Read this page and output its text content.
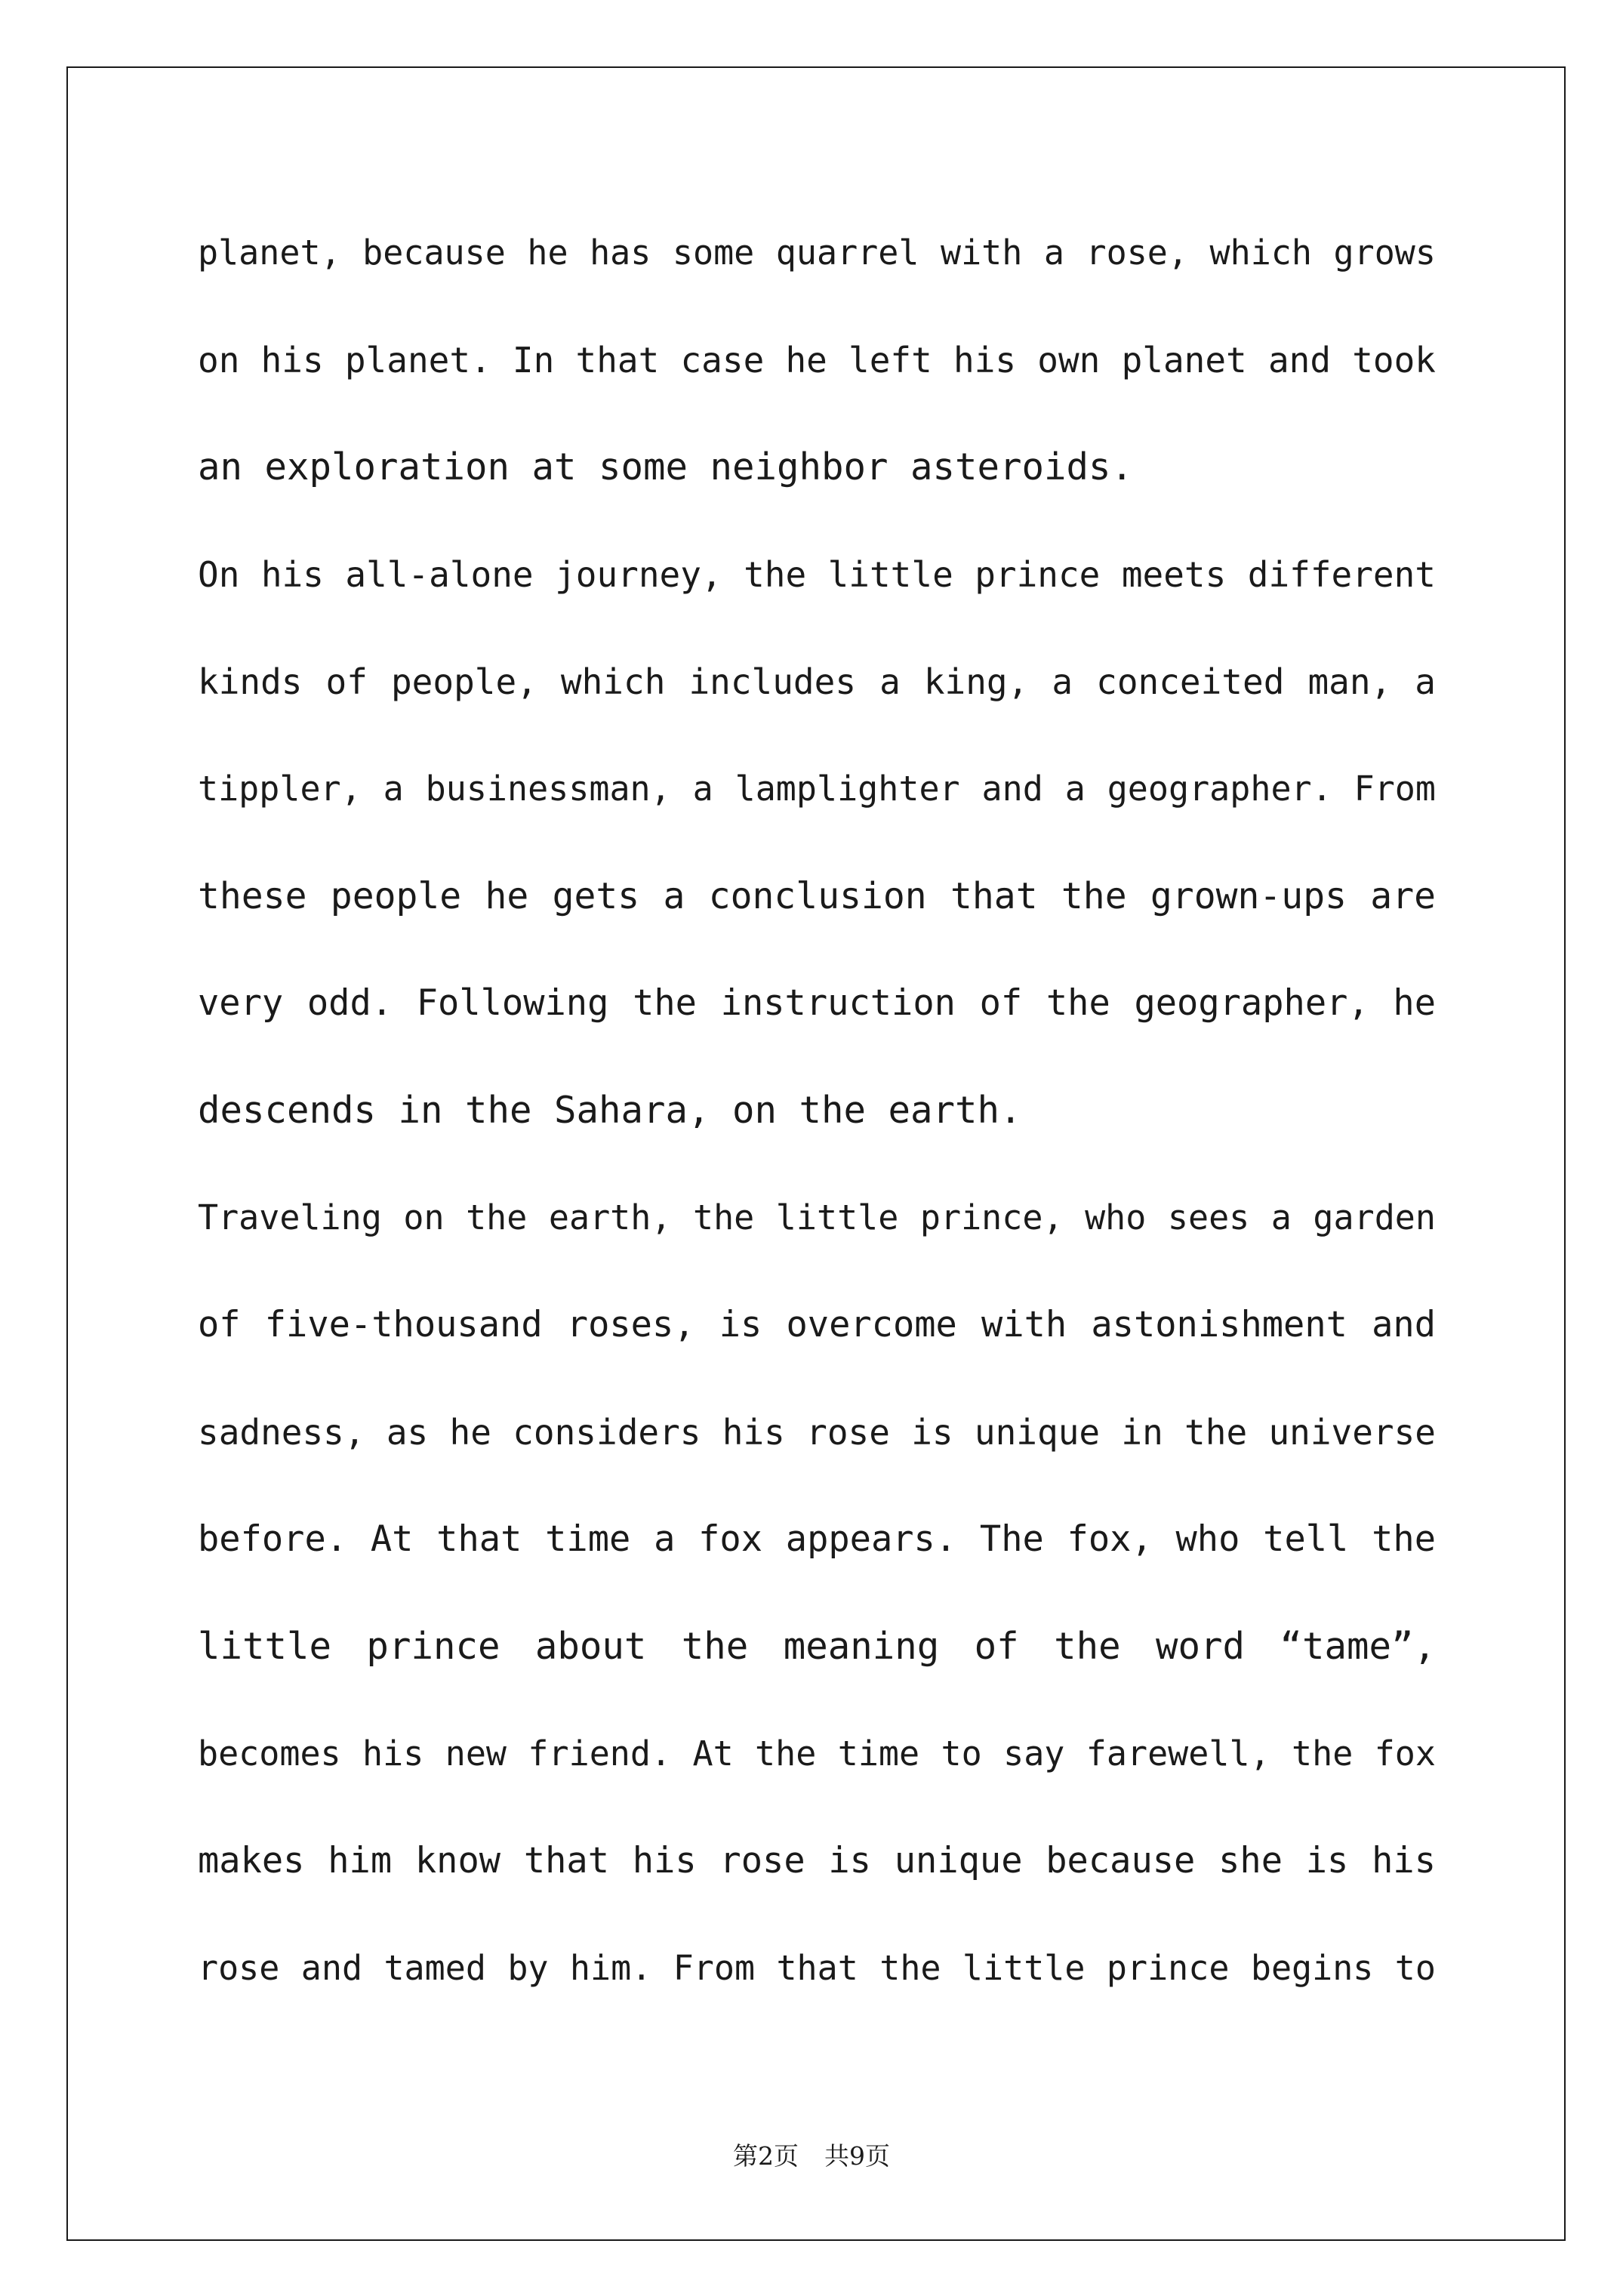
planet, because he has some quarrel with a rose, which grows
on his planet. In that case he left his own planet and took
an exploration at some neighbor asteroids.
On his all-alone journey, the little prince meets different
kinds of people, which includes a king, a conceited man, a
tippler, a businessman, a lamplighter and a geographer. From
these people he gets a conclusion that the grown-ups are
very odd. Following the instruction of the geographer, he
descends in the Sahara, on the earth.
Traveling on the earth, the little prince, who sees a garden
of five-thousand roses, is overcome with astonishment and
sadness, as he considers his rose is unique in the universe
before. At that time a fox appears. The fox, who tell the
little prince about the meaning of the word “tame”,
becomes his new friend. At the time to say farewell, the fox
makes him know that his rose is unique because she is his
rose and tamed by him. From that the little prince begins to
第2页 共9页
